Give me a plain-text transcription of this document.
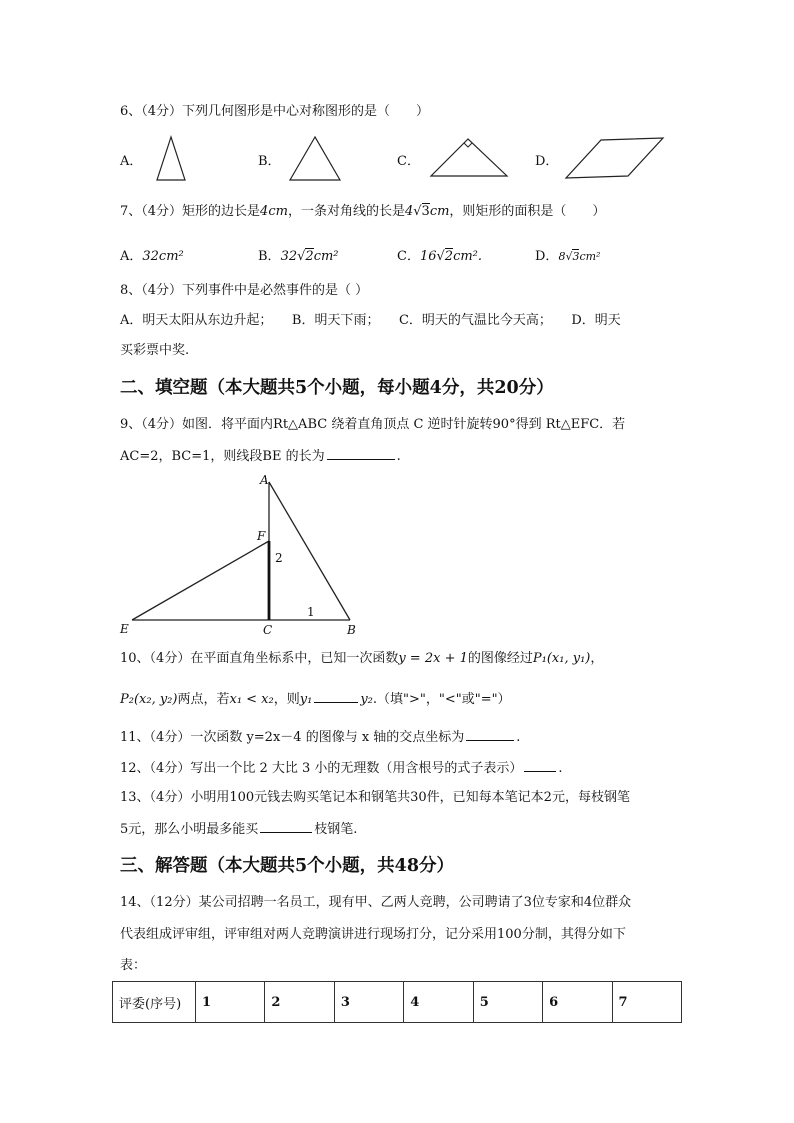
6、（4分）下列几何图形是中心对称图形的是（　　）
A．	B．	C．	D．
7、（4分）矩形的边长是4cm，一条对角线的长是4√3cm，则矩形的面积是（　　）
A．32cm²	B．32√2cm²	C．16√2cm².	D．8√3cm²
8、（4分）下列事件中是必然事件的是（ ）
A．明天太阳从东边升起；　　B．明天下雨；　　C．明天的气温比今天高；　　D．明天
买彩票中奖.
二、填空题（本大题共5个小题，每小题4分，共20分）
9、（4分）如图．将平面内Rt△ABC 绕着直角顶点 C 逆时针旋转90°得到 Rt△EFC．若
AC=2，BC=1，则线段BE 的长为	.
A
F
2
1
E	C	B
10、（4分）在平面直角坐标系中，已知一次函数y = 2x + 1的图像经过P₁(x₁, y₁)，
P₂(x₂, y₂)两点，若x₁ < x₂，则y₁	y₂.（填">"，"<"或"="）
11、（4分）一次函数 y=2x－4 的图像与 x 轴的交点坐标为	.
12、（4分）写出一个比 2 大比 3 小的无理数（用含根号的式子表示）	.
13、（4分）小明用100元钱去购买笔记本和钢笔共30件，已知每本笔记本2元，每枝钢笔
5元，那么小明最多能买	枝钢笔.
三、解答题（本大题共5个小题，共48分）
14、（12分）某公司招聘一名员工，现有甲、乙两人竞聘，公司聘请了3位专家和4位群众
代表组成评审组，评审组对两人竞聘演讲进行现场打分，记分采用100分制，其得分如下
表：
评委(序号)	1	2	3	4	5	6	7
